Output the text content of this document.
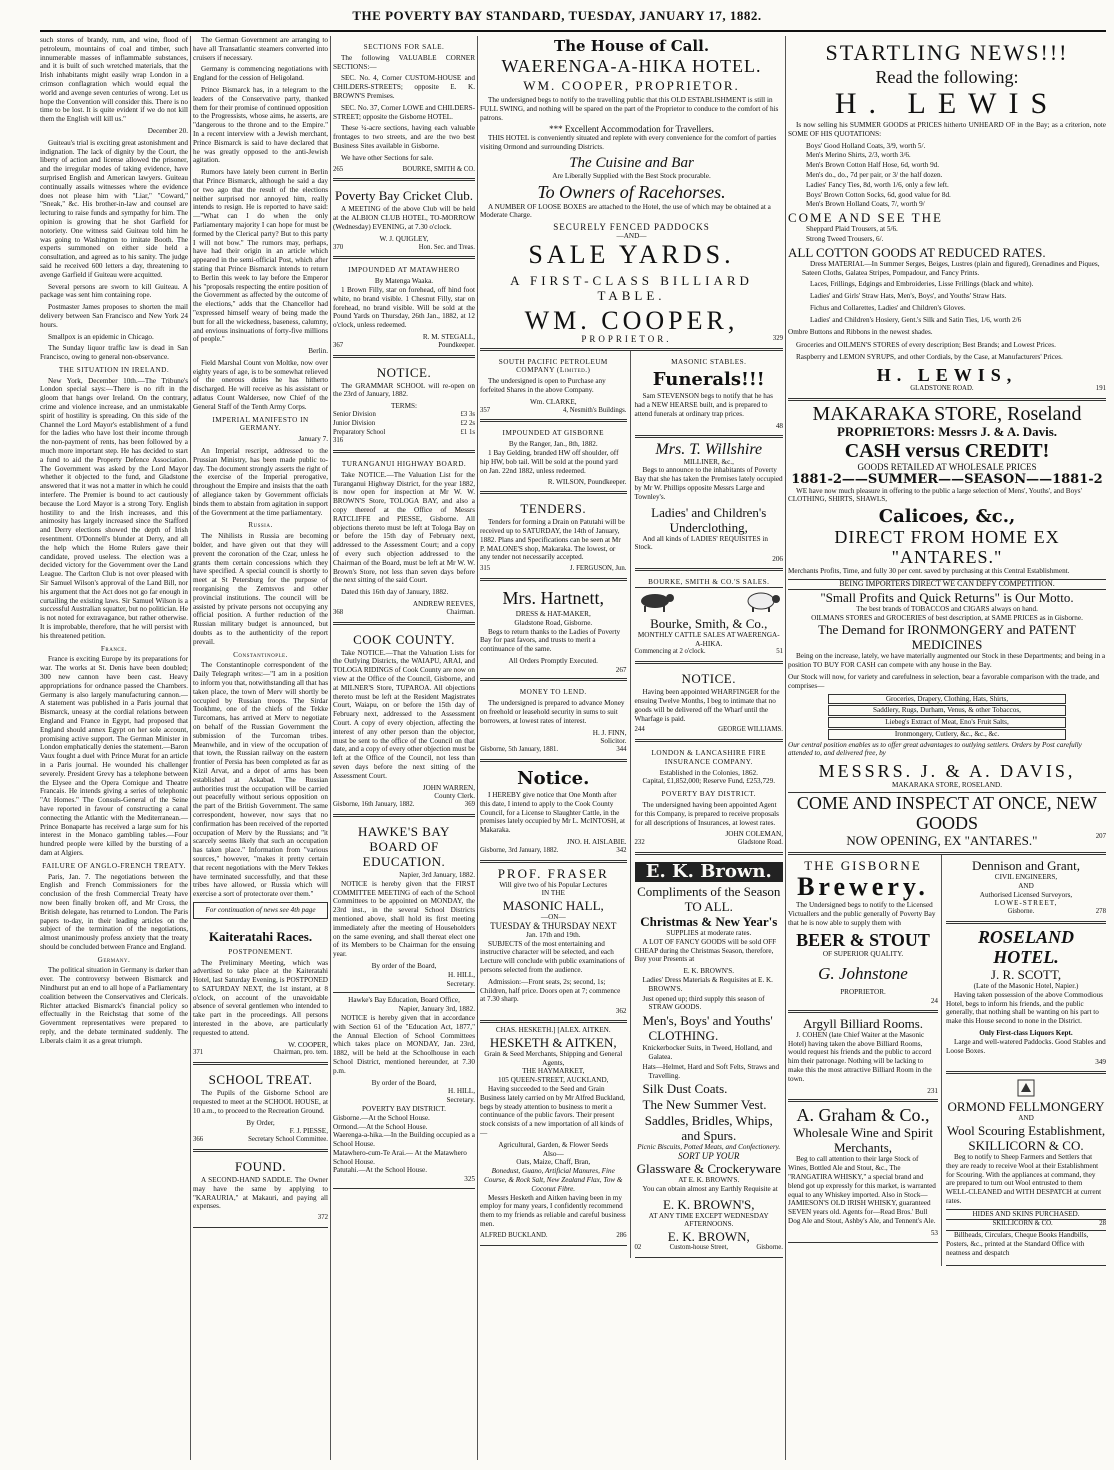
THE POVERTY BAY STANDARD, TUESDAY, JANUARY 17, 1882.

such stores of brandy, rum, and wine, flood of petroleum, mountains of coal and timber, such innumerable masses of inflammable substances, and it is built of such wretched materials, that the Irish inhabitants might easily wrap London in a crimson conflagration which would equal the world and avenge seven centuries of wrong. Let us hope the Convention will consider this. There is no time to be lost. It is quite evident if we do not kill them the English will kill us."

December 20.

Guiteau's trial is exciting great astonishment and indignation. The lack of dignity by the Court, the liberty of action and license allowed the prisoner, and the irregular modes of taking evidence, have surprised English and American lawyers. Guiteau continually assails witnesses where the evidence does not please him with "Liar," "Coward," "Sneak," &c. His brother-in-law and counsel are lecturing to raise funds and sympathy for him. The opinion is growing that he shot Garfield for notoriety. One witness said Guiteau told him he was going to Washington to imitate Booth. The experts summoned on either side held a consultation, and agreed as to his sanity. The judge said he received 600 letters a day, threatening to avenge Garfield if Guiteau were acquitted.

Several persons are sworn to kill Guiteau. A package was sent him containing rope.

Postmaster James proposes to shorten the mail delivery between San Francisco and New York 24 hours.

Smallpox is an epidemic in Chicago.

The Sunday liquor traffic law is dead in San Francisco, owing to general non-observance.

THE SITUATION IN IRELAND.

New York, December 10th.—The Tribune's London special says:—There is no rift in the gloom that hangs over Ireland. On the contrary, crime and violence increase, and an unmistakable spirit of hostility is spreading. On this side of the Channel the Lord Mayor's establishment of a fund for the ladies who have lost their income through the non-payment of rents, has been followed by a much more important step. He has decided to start a fund to aid the Property Defence Association. The Government was asked by the Lord Mayor whether it objected to the fund, and Gladstone answered that it was not a matter in which he could interfere. The Premier is bound to act cautiously because the Lord Mayor is a strong Tory. English hostility to and the Irish increases, and this animosity has largely increased since the Stafford and Derry elections showed the depth of Irish resentment. O'Donnell's blunder at Derry, and all the help which the Home Rulers gave their candidate, proved useless. The election was a decided victory for the Government over the Land League. The Carlton Club is not over pleased with Sir Samuel Wilson's approval of the Land Bill, nor his argument that the Act does not go far enough in curtailing the existing laws. Sir Samuel Wilson is a successful Australian squatter, but no politician. He is not noted for extravagance, but rather otherwise. It is improbable, therefore, that he will persist with his threatened petition.

France.

France is exciting Europe by its preparations for war. The works at St. Denis have been doubled; 300 new cannon have been cast. Heavy appropriations for ordnance passed the Chambers. Germany is also largely manufacturing cannon.—A statement was published in a Paris journal that Bismarck, uneasy at the cordial relations between England and France in Egypt, had proposed that England should annex Egypt on her sole account, promising active support. The German Minister in London emphatically denies the statement.—Baron Vaux fought a duel with Prince Murat for an article in a Paris journal. He wounded his challenger severely. President Grevy has a telephone between the Elysee and the Opera Comique and Theatre Francais. He intends giving a series of telephonic "At Homes." The Consuls-General of the Seine have reported in favour of constructing a canal connecting the Atlantic with the Mediterranean.—Prince Bonaparte has received a large sum for his interest in the Monaco gambling tables.—Four hundred people were killed by the bursting of a dam at Algiers.

FAILURE OF ANGLO-FRENCH TREATY.

Paris, Jan. 7. The negotiations between the English and French Commissioners for the conclusion of the fresh Commercial Treaty have now been finally broken off, and Mr Cross, the British delegate, has returned to London. The Paris papers to-day, in their leading articles on the subject of the termination of the negotiations, almost unanimously profess anxiety that the treaty should be concluded between France and England.

Germany.

The political situation in Germany is darker than ever. The controversy between Bismarck and Nindhurst put an end to all hope of a Parliamentary coalition between the Conservatives and Clericals. Richter attacked Bismarck's financial policy so effectually in the Reichstag that some of the Government representatives were prepared to reply, and the debate terminated suddenly. The Liberals claim it as a great triumph.

The German Government are arranging to have all Transatlantic steamers converted into cruisers if necessary.

Germany is commencing negotiations with England for the cession of Heligoland.

Prince Bismarck has, in a telegram to the leaders of the Conservative party, thanked them for their promise of continued opposition to the Progressists, whose aims, he asserts, are "dangerous to the throne and to the Empire." In a recent interview with a Jewish merchant, Prince Bismarck is said to have declared that he was greatly opposed to the anti-Jewish agitation.

Rumors have lately been current in Berlin that Prince Bismarck, although he said a day or two ago that the result of the elections neither surprised nor annoyed him, really intends to resign. He is reported to have said:—"What can I do when the only Parliamentary majority I can hope for must be formed by the Clerical party? But to this party I will not bow." The rumors may, perhaps, have had their origin in an article which appeared in the semi-official Post, which after stating that Prince Bismarck intends to return to Berlin this week to lay before the Emperor his "proposals respecting the entire position of the Government as affected by the outcome of the elections," adds that the Chancellor had "expressed himself weary of being made the butt for all the wickedness, baseness, calumny, and envious insinuations of forty-five millions of people."

Berlin.

Field Marshal Count von Moltke, now over eighty years of age, is to be somewhat relieved of the onerous duties he has hitherto discharged. He will receive as his assistant or adlatus Count Waldersee, now Chief of the General Staff of the Tenth Army Corps.

IMPERIAL MANIFESTO IN GERMANY.

January 7.

An Imperial rescript, addressed to the Prussian Ministry, has been made public to-day. The document strongly asserts the right of the exercise of the Imperial prerogative, throughout the Empire and insists that the oath of allegiance taken by Government officials binds them to abstain from agitation in support of the Government at the time parliamentary.

Russia.

The Nihilists in Russia are becoming bolder, and have given out that they will prevent the coronation of the Czar, unless he grants them certain concessions which they have specified. A special council is shortly to meet at St Petersburg for the purpose of reorganising the Zemtsvos and other provincial institutions. The council will be assisted by private persons not occupying any official position. A further reduction of the Russian military budget is announced, but doubts as to the authenticity of the report prevail.

Constantinople.

The Constantinople correspondent of the Daily Telegraph writes:—"I am in a position to inform you that, notwithstanding all that has taken place, the town of Merv will shortly be occupied by Russian troops. The Sirdar Tookhme, one of the chiefs of the Tekke Turcomans, has arrived at Merv to negotiate on behalf of the Russian Government the submission of the Turcoman tribes. Meanwhile, and in view of the occupation of that town, the Russian railway on the eastern frontier of Persia has been completed as far as Kizil Arvat, and a depot of arms has been established at Askabad. The Russian authorities trust the occupation will be carried out peacefully without serious opposition on the part of the British Government. The same correspondent, however, now says that no confirmation has been received of the reported occupation of Merv by the Russians; and "it scarcely seems likely that such an occupation has taken place." Information from "various sources," however, "makes it pretty certain that recent negotiations with the Merv Tekkes have terminated successfully, and that these tribes have allowed, or Russia which will exercise a sort of protectorate over them."

For continuation of news see 4th page
Kaiteratahi Races.
POSTPONEMENT.

The Preliminary Meeting, which was advertised to take place at the Kaiteratahi Hotel, last Saturday Evening, is POSTPONED to SATURDAY NEXT, the 1st instant, at 8 o'clock, on account of the unavoidable absence of several gentlemen who intended to take part in the proceedings. All persons interested in the above, are particularly requested to attend.

W. COOPER,
371	Chairman, pro. tem.
SCHOOL TREAT.

The Pupils of the Gisborne School are requested to meet at the SCHOOL HOUSE, at 10 a.m., to proceed to the Recreation Ground.

By Order,
F. J. PIESSE,
366	Secretary School Committee.
FOUND.

A SECOND-HAND SADDLE. The Owner may have the same by applying to "KARAURIA," at Makauri, and paying all expenses.

372
SECTIONS FOR SALE.

The following VALUABLE CORNER SECTIONS:—

SEC. No. 4, Corner CUSTOM-HOUSE and CHILDERS-STREETS; opposite E. K. BROWN'S Premises.

SEC. No. 37, Corner LOWE and CHILDERS-STREET; opposite the Gisborne HOTEL.

These ¼-acre sections, having each valuable frontages to two streets, and are the two best Business Sites available in Gisborne.

We have other Sections for sale.

265	BOURKE, SMITH & CO.
Poverty Bay Cricket Club.

A MEETING of the above Club will be held at the ALBION CLUB HOTEL, TO-MORROW (Wednesday) EVENING, at 7.30 o'clock.

W. J. QUIGLEY,
370	Hon. Sec. and Treas.
IMPOUNDED AT MATAWHERO
By Matenga Waaka.

1 Brown Filly, star on forehead, off hind foot white, no brand visible. 1 Chesnut Filly, star on forehead, no brand visible. Will be sold at the Pound Yards on Thursday, 26th Jan., 1882, at 12 o'clock, unless redeemed.

R. M. STEGALL,
367	Poundkeeper.
NOTICE.

The GRAMMAR SCHOOL will re-open on the 23rd of January, 1882.

TERMS:
Senior Division	£3 3s
Junior Division	£2 2s
Preparatory School	£1 1s
316
TURANGANUI HIGHWAY BOARD.

Take NOTICE.—The Valuation List for the Turanganui Highway District, for the year 1882, is now open for inspection at Mr W. W. BROWN'S Store, TOLOGA BAY, and also a copy thereof at the Office of Messrs RATCLIFFE and PIESSE, Gisborne. All objections thereto must be left at Tologa Bay on or before the 15th day of February next, addressed to the Assessment Court; and a copy of every such objection addressed to the Chairman of the Board, must be left at Mr W. W. Brown's Store, not less than seven days before the next sitting of the said Court.

Dated this 16th day of January, 1882.

ANDREW REEVES,
368	Chairman.
COOK COUNTY.

Take NOTICE.—That the Valuation Lists for the Outlying Districts, the WAIAPU, ARAI, and TOLOGA RIDINGS of Cook County are now on view at the Office of the Council, Gisborne, and at MILNER'S Store, TUPAROA. All objections thereto must be left at the Resident Magistrates Court, Waiapu, on or before the 15th day of February next, addressed to the Assessment Court. A copy of every objection, affecting the interest of any other person than the objector, must be sent to the office of the Council on that date, and a copy of every other objection must be left at the Office of the Council, not less than seven days before the next sitting of the Assessment Court.

JOHN WARREN,
County Clerk.
Gisborne, 16th January, 1882.	369
HAWKE'S BAY BOARD OF EDUCATION.
Napier, 3rd January, 1882.

NOTICE is hereby given that the FIRST COMMITTEE MEETING of each of the School Committees to be appointed on MONDAY, the 23rd inst., in the several School Districts mentioned above, shall hold its first meeting immediately after the meeting of Householders on the same evening, and shall thereat elect one of its Members to be Chairman for the ensuing year.

By order of the Board,
H. HILL,
Secretary.
Hawke's Bay Education, Board Office,
Napier, January 3rd, 1882.

NOTICE is hereby given that in accordance with Section 61 of the "Education Act, 1877," the Annual Election of School Committees which takes place on MONDAY, Jan. 23rd, 1882, will be held at the Schoolhouse in each School District, mentioned hereunder, at 7.30 p.m.

By order of the Board,
H. HILL,
Secretary.
POVERTY BAY DISTRICT.
Gisborne.—At the School House.
Ormond.—At the School House.
Waerenga-a-hika.—In the Building occupied as a School House.
Matawhero-cum-Te Arai.— At the Matawhero School House.
Patutahi.—At the School House.
325
The House of Call.
WAERENGA-A-HIKA HOTEL.
WM. COOPER, PROPRIETOR.

The undersigned begs to notify to the travelling public that this OLD ESTABLISHMENT is still in FULL SWING, and nothing will be spared on the part of the Proprietor to conduce to the comfort of his patrons.

*** Excellent Accommodation for Travellers.

THIS HOTEL is conveniently situated and replete with every convenience for the comfort of parties visiting Ormond and surrounding Districts.

The Cuisine and Bar
Are Liberally Supplied with the Best Stock procurable.
To Owners of Racehorses.

A NUMBER OF LOOSE BOXES are attached to the Hotel, the use of which may be obtained at a Moderate Charge.

SECURELY FENCED PADDOCKS
—AND—
SALE YARDS.
A FIRST-CLASS BILLIARD TABLE.
WM. COOPER,
PROPRIETOR.	329
SOUTH PACIFIC PETROLEUM COMPANY (Limited.)

The undersigned is open to Purchase any forfeited Shares in the above Company.

Wm. CLARKE,
357	4, Nesmith's Buildings.
IMPOUNDED AT GISBORNE
By the Ranger, Jan., 8th, 1882.

1 Bay Gelding, branded HW off shoulder, off hip HW, bob tail. Will be sold at the pound yard on Jan. 22nd 1882, unless redeemed.

R. WILSON, Poundkeeper.
TENDERS.

Tenders for forming a Drain on Patutahi will be received up to SATURDAY, the 14th of January, 1882. Plans and Specifications can be seen at Mr P. MALONE'S shop, Makaraka. The lowest, or any tender not necessarily accepted.

315	J. FERGUSON, Jun.
Mrs. Hartnett,
DRESS & HAT-MAKER,
Gladstone Road, Gisborne.

Begs to return thanks to the Ladies of Poverty Bay for past favors, and trusts to merit a continuance of the same.

All Orders Promptly Executed.
267
MONEY TO LEND.

The undersigned is prepared to advance Money on freehold or leasehold security in sums to suit borrowers, at lowest rates of interest.

H. J. FINN,
Solicitor.
Gisborne, 5th January, 1881.	344
Notice.

I HEREBY give notice that One Month after this date, I intend to apply to the Cook County Council, for a License to Slaughter Cattle, in the premises lately occupied by Mr L. McINTOSH, at Makaraka.

JNO. H. AISLABIE.
Gisborne, 3rd January, 1882.	342
PROF. FRASER
Will give two of his Popular Lectures
IN THE
MASONIC HALL,
—ON—
TUESDAY & THURSDAY NEXT
Jan. 17th and 19th.

SUBJECTS of the most entertaining and instructive character will be selected, and each Lecture will conclude with public examinations of persons selected from the audience.

Admission:—Front seats, 2s; second, 1s; Children, half price. Doors open at 7; commence at 7.30 sharp.

362
CHAS. HESKETH.] [ALEX. AITKEN.
HESKETH & AITKEN,
Grain & Seed Merchants, Shipping and General Agents,
THE HAYMARKET,
105 QUEEN-STREET, AUCKLAND,

Having succeeded to the Seed and Grain Business lately carried on by Mr Alfred Buckland, begs by steady attention to business to merit a continuance of the public favors. Their present stock consists of a new importation of all kinds of—

Agricultural, Garden, & Flower Seeds
Also—
Oats, Maize, Chaff, Bran,
Bonedust, Guano, Artificial Manures, Fine Course, & Rock Salt, New Zealand Flax, Tow & Coconut Fibre.

Messrs Hesketh and Aitken having been in my employ for many years, I confidently recommend them to my friends as reliable and careful business men.

ALFRED BUCKLAND.	286
MASONIC STABLES.
Funerals!!!

Sam STEVENSON begs to notify that he has had a NEW HEARSE built, and is prepared to attend funerals at ordinary trap prices.

48
Mrs. T. Willshire
MILLINER, &c.,

Begs to announce to the inhabitants of Poverty Bay that she has taken the Premises lately occupied by Mr W. Phillips opposite Messrs Large and Townley's.

Ladies' and Children's Underclothing,

And all kinds of LADIES' REQUISITES in Stock.

206
BOURKE, SMITH & CO.'S SALES.
Bourke, Smith, & Co.,
MONTHLY CATTLE SALES AT WAERENGA-A-HIKA.
Commencing at 2 o'clock.	51
NOTICE.

Having been appointed WHARFINGER for the ensuing Twelve Months, I beg to intimate that no goods will be delivered off the Wharf until the Wharfage is paid.

244	GEORGE WILLIAMS.
LONDON & LANCASHIRE FIRE INSURANCE COMPANY.
Established in the Colonies, 1862.
Capital, £1,852,000; Reserve Fund, £253,729.
POVERTY BAY DISTRICT.

The undersigned having been appointed Agent for this Company, is prepared to receive proposals for all descriptions of Insurances, at lowest rates.

JOHN COLEMAN,
232	Gladstone Road.
E. K. Brown.
Compliments of the Season TO ALL.
Christmas & New Year's
SUPPLIES at moderate rates.

A LOT OF FANCY GOODS will be sold OFF CHEAP during the Christmas Season, therefore, Buy your Presents at

E. K. BROWN'S.
Ladies' Dress Materials & Requisites at E. K. BROWN'S.
Just opened up; third supply this season of STRAW GOODS.
Men's, Boys' and Youths' CLOTHING.
Knickerbocker Suits, in Tweed, Holland, and Galatea.
Hats—Helmet, Hard and Soft Felts, Straws and Travelling.
Silk Dust Coats.
The New Summer Vest.
Saddles, Bridles, Whips, and Spurs.
Picnic Biscuits, Potted Meats, and Confectionery.
SORT UP YOUR
Glassware & Crockeryware
AT E. K. BROWN'S.

You can obtain almost any Earthly Requisite at

E. K. BROWN'S,
AT ANY TIME EXCEPT WEDNESDAY AFTERNOONS.
E. K. BROWN,
02	Custom-house Street,	Gisborne.
STARTLING NEWS!!!
Read the following:
H. LEWIS

Is now selling his SUMMER GOODS at PRICES hitherto UNHEARD OF in the Bay; as a criterion, note SOME OF HIS QUOTATIONS:

Boys' Good Holland Coats, 3/9, worth 5/.
Men's Merino Shirts, 2/3, worth 3/6.
Men's Brown Cotton Half Hose, 6d, worth 9d.
Men's do., do., 7d per pair, or 3/ the half dozen.
Ladies' Fancy Ties, 8d, worth 1/6, only a few left.
Boys' Brown Cotton Socks, 6d, good value for 8d.
Men's Brown Holland Coats, 7/, worth 9/
COME AND SEE THE
Sheppard Plaid Trousers, at 5/6.
Strong Tweed Trousers, 6/.
ALL COTTON GOODS AT REDUCED RATES.

Dress MATERIAL—In Summer Serges, Beiges, Lustres (plain and figured), Grenadines and Piques, Sateen Cloths, Galatea Stripes, Pompadour, and Fancy Prints.

Laces, Frillings, Edgings and Embroideries, Lisse Frillings (black and white).

Ladies' and Girls' Straw Hats, Men's, Boys', and Youths' Straw Hats.

Fichus and Collarettes, Ladies' and Children's Gloves.

Ladies' and Children's Hosiery, Gent.'s Silk and Satin Ties, 1/6, worth 2/6

Ombre Buttons and Ribbons in the newest shades.

Groceries and OILMEN'S STORES of every description; Best Brands; and Lowest Prices.

Raspberry and LEMON SYRUPS, and other Cordials, by the Case, at Manufacturers' Prices.

H. LEWIS,
GLADSTONE ROAD.	191
MAKARAKA STORE, Roseland
PROPRIETORS: Messrs J. & A. Davis.
CASH versus CREDIT!
GOODS RETAILED AT WHOLESALE PRICES
1881-2——SUMMER——SEASON——1881-2

WE have now much pleasure in offering to the public a large selection of Mens', Youths', and Boys' CLOTHING, SHIRTS, SHAWLS,

Calicoes, &c.,
DIRECT FROM HOME EX "ANTARES."

Merchants Profits, Time, and fully 30 per cent. saved by purchasing at this Central Establishment.

BEING IMPORTERS DIRECT WE CAN DEFY COMPETITION.
"Small Profits and Quick Returns" is Our Motto.
The best brands of TOBACCOS and CIGARS always on hand.
OILMANS STORES and GROCERIES of best description, at SAME PRICES as in Gisborne.
The Demand for IRONMONGERY and PATENT MEDICINES

Being on the increase, lately, we have materially augmented our Stock in these Departments; and being in a position TO BUY FOR CASH can compete with any house in the Bay.

Our Stock will now, for variety and carefulness in selection, bear a favorable comparison with the trade, and comprises—

Groceries, Drapery, Clothing, Hats, Shirts,
Saddlery, Rugs, Durham, Venus, & other Tobaccos,
Liebeg's Extract of Meat, Eno's Fruit Salts,
Ironmongery, Cutlery, &c., &c., &c.

Our central position enables us to offer great advantages to outlying settlers. Orders by Post carefully attended to, and delivered free, by

MESSRS. J. & A. DAVIS,
MAKARAKA STORE, ROSELAND.
COME AND INSPECT AT ONCE, NEW GOODS
NOW OPENING, EX "ANTARES."	207
THE GISBORNE
Brewery.

The Undersigned begs to notify to the Licensed Victuallers and the public generally of Poverty Bay that he is now able to supply them with

BEER & STOUT
OF SUPERIOR QUALITY.
G. Johnstone
PROPRIETOR.
24
Argyll Billiard Rooms.

J. COHEN (late Chief Waiter at the Masonic Hotel) having taken the above Billiard Rooms, would request his friends and the public to accord him their patronage. Nothing will be lacking to make this the most attractive Billiard Room in the town.

231
A. Graham & Co.,
Wholesale Wine and Spirit Merchants,

Beg to call attention to their large Stock of Wines, Bottled Ale and Stout, &c., The "RANGATIRA WHISKY," a special brand and blend got up expressly for this market, is warranted equal to any Whiskey imported. Also in Stock—JAMIESON'S OLD IRISH WHISKY, guaranteed SEVEN years old. Agents for—Read Bros.' Bull Dog Ale and Stout, Ashby's Ale, and Tennent's Ale.

53
Dennison and Grant,
CIVIL ENGINEERS,
AND
Authorised Licensed Surveyors,
LOWE-STREET,
Gisborne.	278
ROSELAND HOTEL.
J. R. SCOTT,
(Late of the Masonic Hotel, Napier.)

Having taken possession of the above Commodious Hotel, begs to inform his friends, and the public generally, that nothing shall be wanting on his part to make this House second to none in the District.

Only First-class Liquors Kept.

Large and well-watered Paddocks. Good Stables and Loose Boxes.

349
ORMOND FELLMONGERY
AND
Wool Scouring Establishment,
SKILLICORN & CO.

Beg to notify to Sheep Farmers and Settlers that they are ready to receive Wool at their Establishment for Scouring. With the appliances at command, they are prepared to turn out Wool entrusted to them WELL-CLEANED and WITH DESPATCH at current rates.

HIDES AND SKINS PURCHASED.
SKILLICORN & CO.	28

Billheads, Circulars, Cheque Books Handbills, Posters, &c., printed at the Standard Office with neatness and despatch
